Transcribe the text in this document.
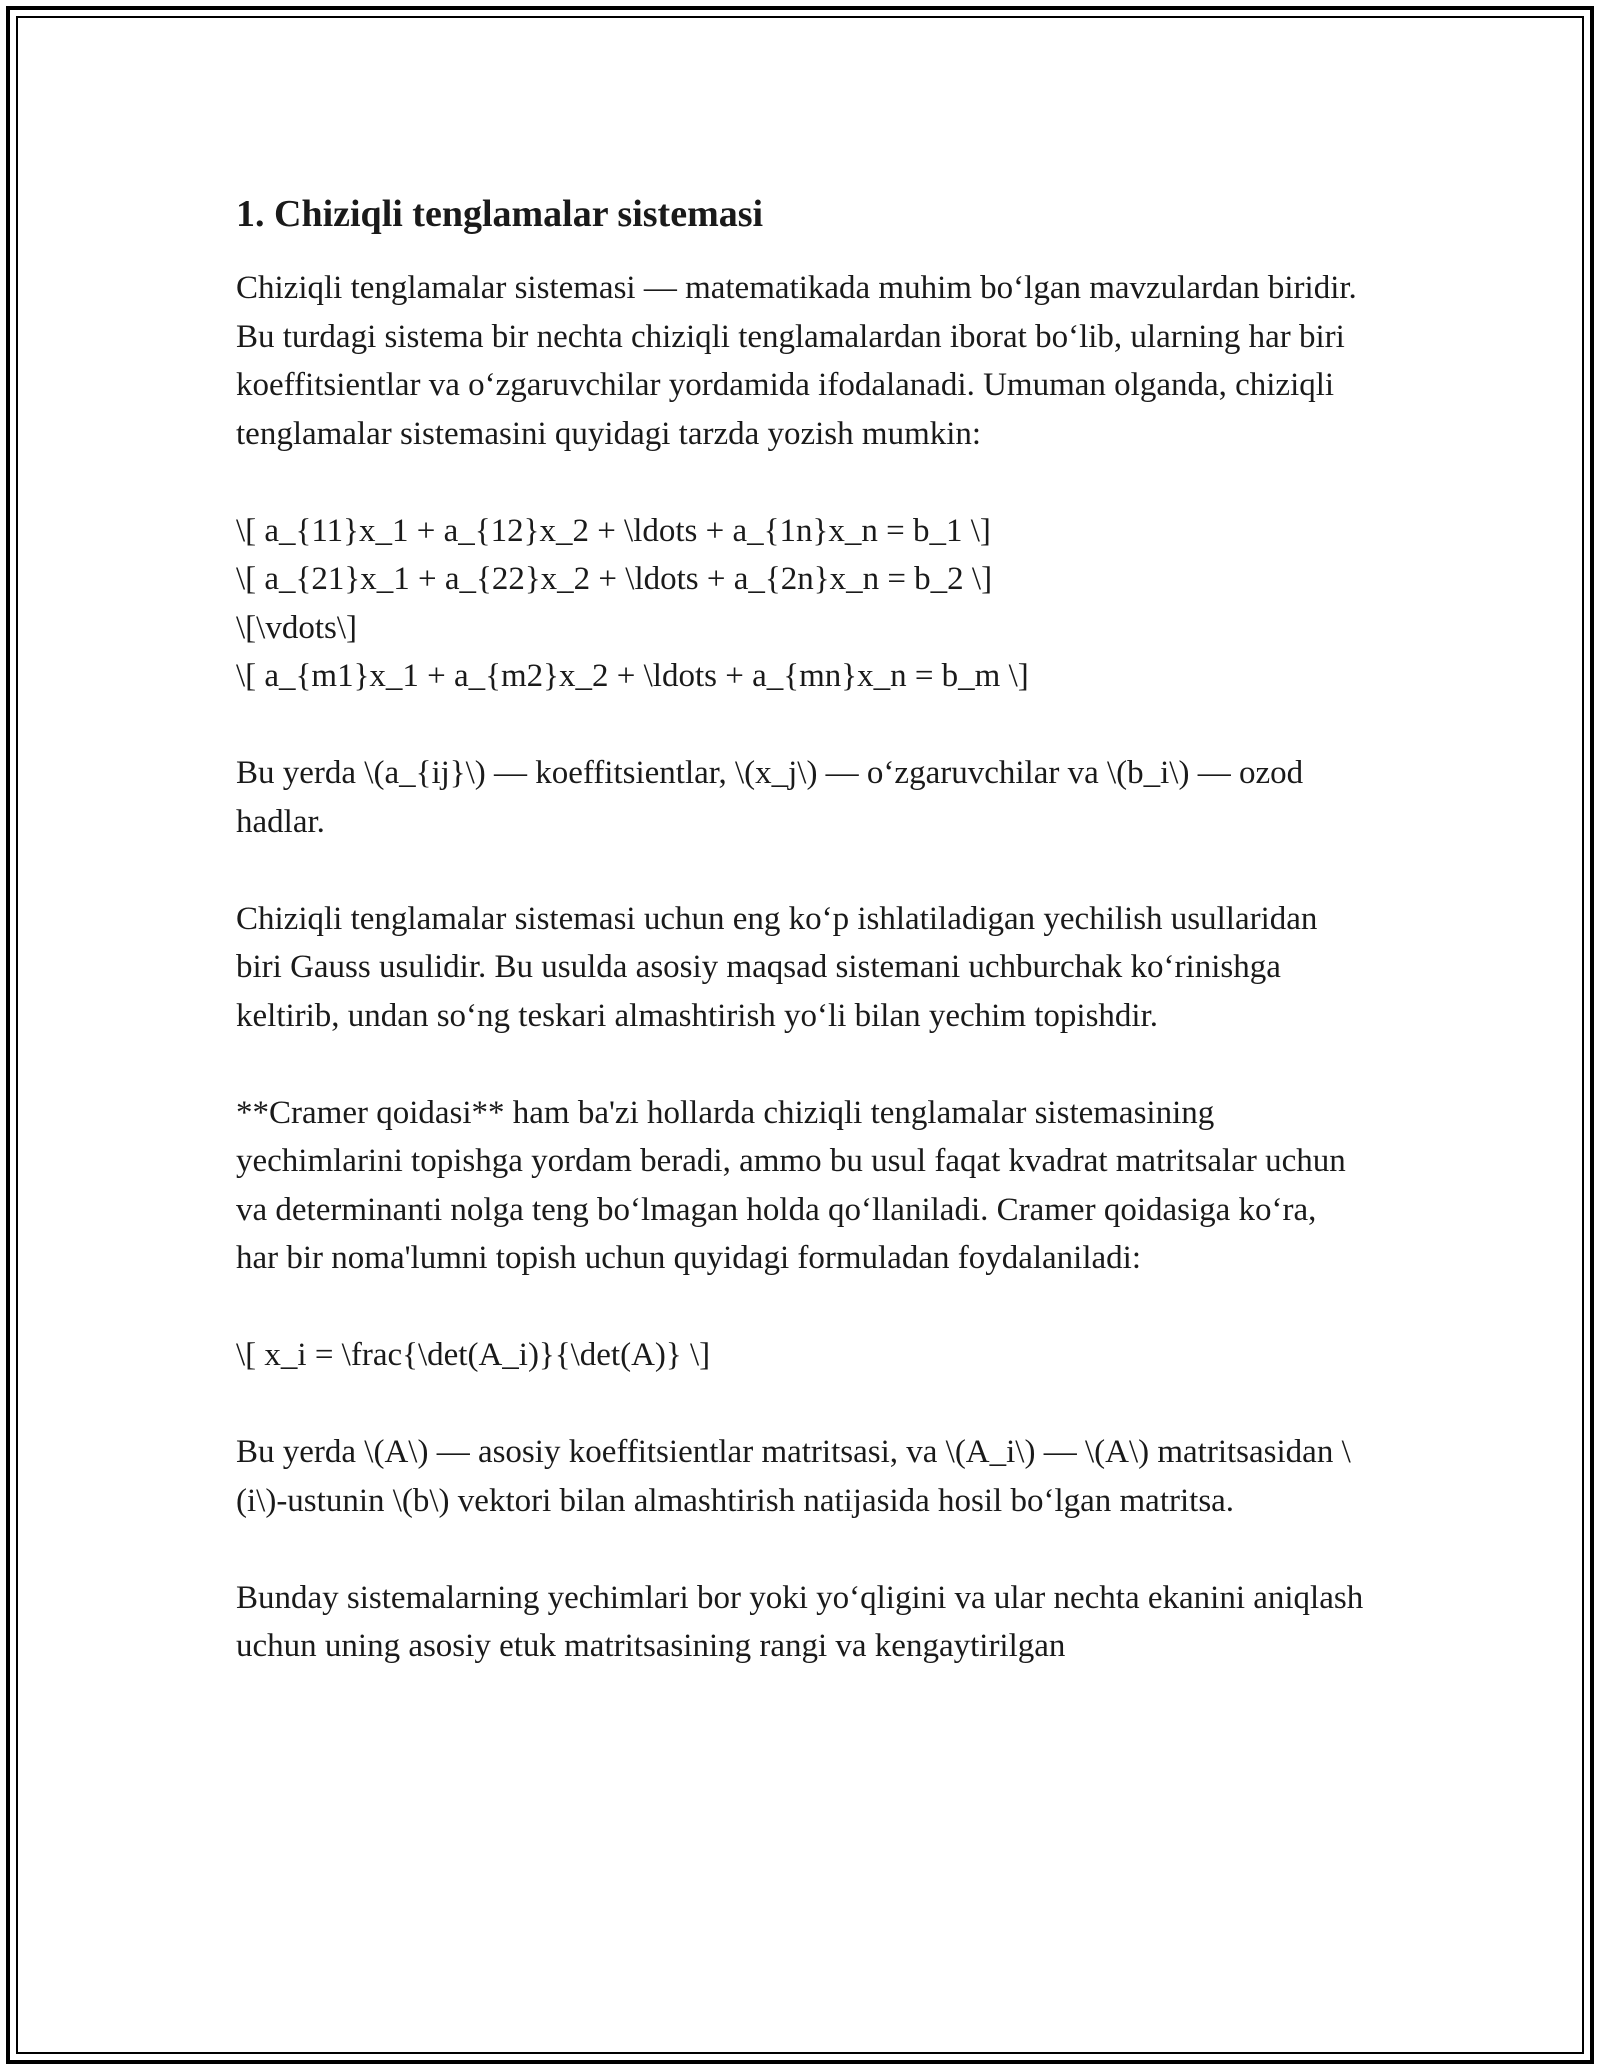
1. Chiziqli tenglamalar sistemasi

Chiziqli tenglamalar sistemasi — matematikada muhim bo‘lgan mavzulardan biridir. Bu turdagi sistema bir nechta chiziqli tenglamalardan iborat bo‘lib, ularning har biri koeffitsientlar va o‘zgaruvchilar yordamida ifodalanadi. Umuman olganda, chiziqli tenglamalar sistemasini quyidagi tarzda yozish mumkin:

\[ a_{11}x_1 + a_{12}x_2 + \ldots + a_{1n}x_n = b_1 \]
\[ a_{21}x_1 + a_{22}x_2 + \ldots + a_{2n}x_n = b_2 \]
\[\vdots\]
\[ a_{m1}x_1 + a_{m2}x_2 + \ldots + a_{mn}x_n = b_m \]

Bu yerda \(a_{ij}\) — koeffitsientlar, \(x_j\) — o‘zgaruvchilar va \(b_i\) — ozod hadlar.

Chiziqli tenglamalar sistemasi uchun eng ko‘p ishlatiladigan yechilish usullaridan biri Gauss usulidir. Bu usulda asosiy maqsad sistemani uchburchak ko‘rinishga keltirib, undan so‘ng teskari almashtirish yo‘li bilan yechim topishdir.

**Cramer qoidasi** ham ba'zi hollarda chiziqli tenglamalar sistemasining yechimlarini topishga yordam beradi, ammo bu usul faqat kvadrat matritsalar uchun va determinanti nolga teng bo‘lmagan holda qo‘llaniladi. Cramer qoidasiga ko‘ra, har bir noma'lumni topish uchun quyidagi formuladan foydalaniladi:

\[ x_i = \frac{\det(A_i)}{\det(A)} \]

Bu yerda \(A\) — asosiy koeffitsientlar matritsasi, va \(A_i\) — \(A\) matritsasidan \(i\)-ustunin \(b\) vektori bilan almashtirish natijasida hosil bo‘lgan matritsa.

Bunday sistemalarning yechimlari bor yoki yo‘qligini va ular nechta ekanini aniqlash uchun uning asosiy etuk matritsasining rangi va kengaytirilgan
